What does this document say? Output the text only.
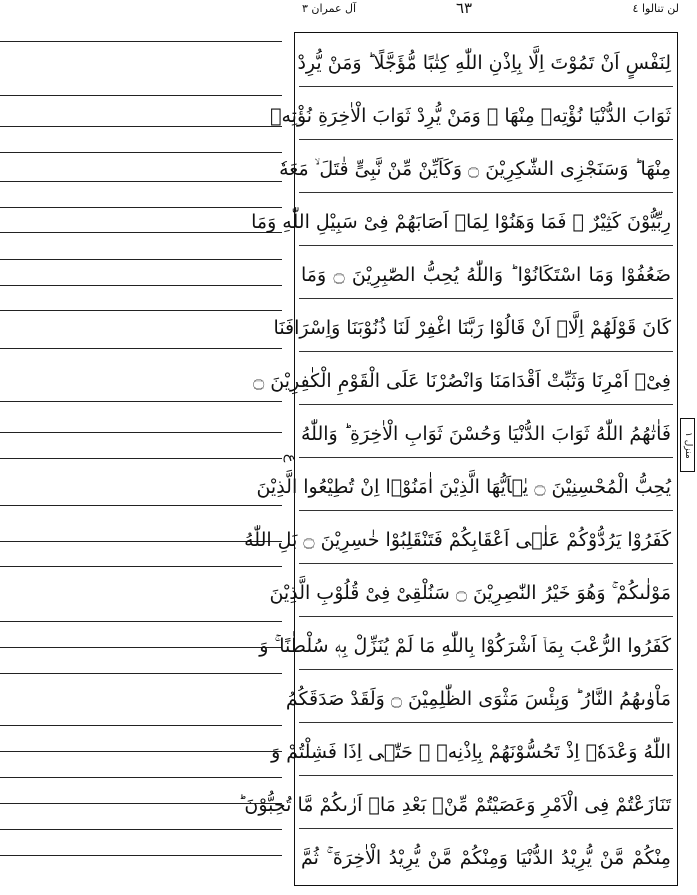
آل عمران ٣	٦٣	لن تنالوا ٤
ع
منزل ١
لِنَفْسٍ اَنْ تَمُوْتَ اِلَّا بِاِذْنِ اللّٰهِ كِتٰبًا مُّؤَجَّلًا ؕ وَمَنْ يُّرِدْ
ثَوَابَ الدُّنْيَا نُؤْتِهٖ مِنْهَا ۚ وَمَنْ يُّرِدْ ثَوَابَ الْاٰخِرَةِ نُؤْتِهٖ
مِنْهَا ؕ وَسَنَجْزِى الشّٰكِرِيْنَ ۝ وَكَاَيِّنْ مِّنْ نَّبِىٍّ قٰتَلَ ۙ مَعَهٗ
رِبِّيُّوْنَ كَثِيْرٌ ۚ فَمَا وَهَنُوْا لِمَاۤ اَصَابَهُمْ فِىْ سَبِيْلِ اللّٰهِ وَمَا
ضَعُفُوْا وَمَا اسْتَكَانُوْا ؕ وَاللّٰهُ يُحِبُّ الصّٰبِرِيْنَ ۝ وَمَا
كَانَ قَوْلَهُمْ اِلَّاۤ اَنْ قَالُوْا رَبَّنَا اغْفِرْ لَنَا ذُنُوْبَنَا وَاِسْرَافَنَا
فِىْۤ اَمْرِنَا وَثَبِّتْ اَقْدَامَنَا وَانْصُرْنَا عَلَى الْقَوْمِ الْكٰفِرِيْنَ ۝
فَاٰتٰهُمُ اللّٰهُ ثَوَابَ الدُّنْيَا وَحُسْنَ ثَوَابِ الْاٰخِرَةِ ؕ وَاللّٰهُ
يُحِبُّ الْمُحْسِنِيْنَ ۝ يٰۤاَيُّهَا الَّذِيْنَ اٰمَنُوْۤا اِنْ تُطِيْعُوا الَّذِيْنَ
كَفَرُوْا يَرُدُّوْكُمْ عَلٰۤى اَعْقَابِكُمْ فَتَنْقَلِبُوْا خٰسِرِيْنَ ۝ بَلِ اللّٰهُ
مَوْلٰىكُمْ ۚ وَهُوَ خَيْرُ النّٰصِرِيْنَ ۝ سَنُلْقِىْ فِىْ قُلُوْبِ الَّذِيْنَ
كَفَرُوا الرُّعْبَ بِمَاۤ اَشْرَكُوْا بِاللّٰهِ مَا لَمْ يُنَزِّلْ بِهٖ سُلْطٰنًا ۚ وَ
مَاْوٰىهُمُ النَّارُ ؕ وَبِئْسَ مَثْوَى الظّٰلِمِيْنَ ۝ وَلَقَدْ صَدَقَكُمُ
اللّٰهُ وَعْدَهٗۤ اِذْ تَحُسُّوْنَهُمْ بِاِذْنِهٖ ۚ حَتّٰۤى اِذَا فَشِلْتُمْ وَ
تَنَازَعْتُمْ فِى الْاَمْرِ وَعَصَيْتُمْ مِّنْۢ بَعْدِ مَاۤ اَرٰىكُمْ مَّا تُحِبُّوْنَ ؕ
مِنْكُمْ مَّنْ يُّرِيْدُ الدُّنْيَا وَمِنْكُمْ مَّنْ يُّرِيْدُ الْاٰخِرَةَ ۚ ثُمَّ
